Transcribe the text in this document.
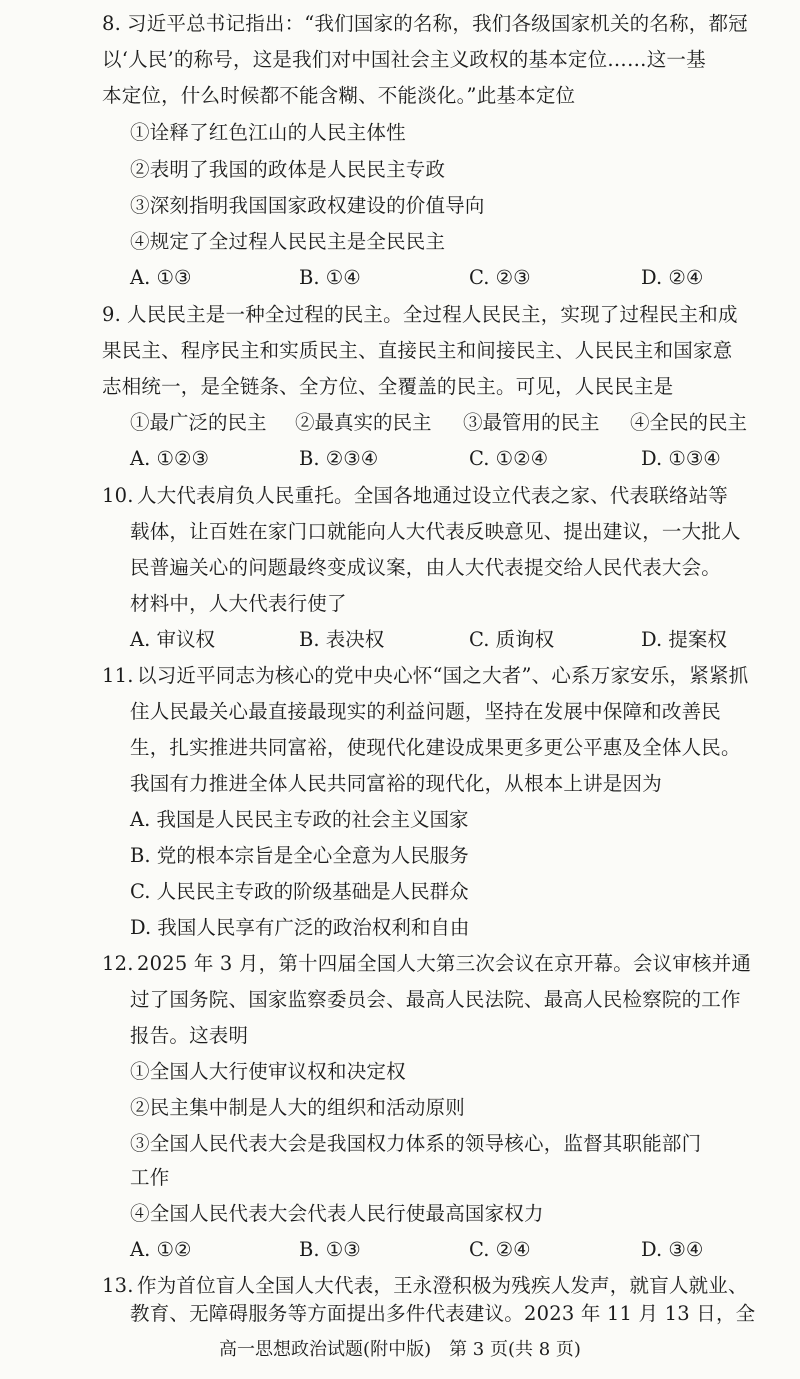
8. 习近平总书记指出：“我们国家的名称，我们各级国家机关的名称，都冠
以‘人民’的称号，这是我们对中国社会主义政权的基本定位……这一基
本定位，什么时候都不能含糊、不能淡化。”此基本定位
①诠释了红色江山的人民主体性
②表明了我国的政体是人民民主专政
③深刻指明我国国家政权建设的价值导向
④规定了全过程人民民主是全民民主
A. ①③	B. ①④	C. ②③	D. ②④
9. 人民民主是一种全过程的民主。全过程人民民主，实现了过程民主和成
果民主、程序民主和实质民主、直接民主和间接民主、人民民主和国家意
志相统一，是全链条、全方位、全覆盖的民主。可见，人民民主是
①最广泛的民主 ②最真实的民主 ③最管用的民主 ④全民的民主
A. ①②③	B. ②③④	C. ①②④	D. ①③④
10. 人大代表肩负人民重托。全国各地通过设立代表之家、代表联络站等
载体，让百姓在家门口就能向人大代表反映意见、提出建议，一大批人
民普遍关心的问题最终变成议案，由人大代表提交给人民代表大会。
材料中，人大代表行使了
A. 审议权	B. 表决权	C. 质询权	D. 提案权
11. 以习近平同志为核心的党中央心怀“国之大者”、心系万家安乐，紧紧抓
住人民最关心最直接最现实的利益问题，坚持在发展中保障和改善民
生，扎实推进共同富裕，使现代化建设成果更多更公平惠及全体人民。
我国有力推进全体人民共同富裕的现代化，从根本上讲是因为
A. 我国是人民民主专政的社会主义国家
B. 党的根本宗旨是全心全意为人民服务
C. 人民民主专政的阶级基础是人民群众
D. 我国人民享有广泛的政治权利和自由
12. 2025 年 3 月，第十四届全国人大第三次会议在京开幕。会议审核并通
过了国务院、国家监察委员会、最高人民法院、最高人民检察院的工作
报告。这表明
①全国人大行使审议权和决定权
②民主集中制是人大的组织和活动原则
③全国人民代表大会是我国权力体系的领导核心，监督其职能部门
工作
④全国人民代表大会代表人民行使最高国家权力
A. ①②	B. ①③	C. ②④	D. ③④
13. 作为首位盲人全国人大代表，王永澄积极为残疾人发声，就盲人就业、
教育、无障碍服务等方面提出多件代表建议。2023 年 11 月 13 日，全
高一思想政治试题(附中版)　第 3 页(共 8 页)
